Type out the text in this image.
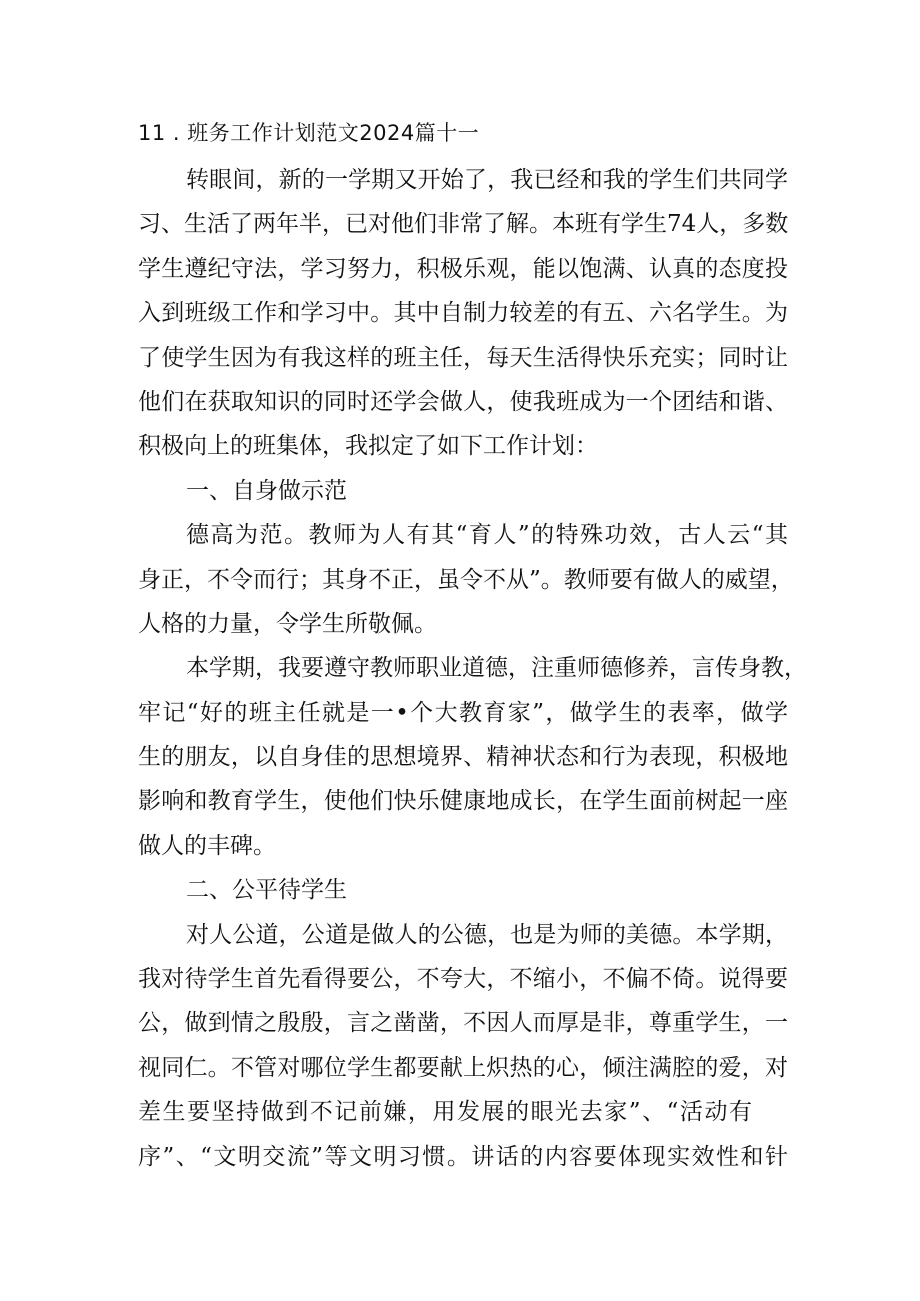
11 . 班务工作计划范文2024篇十一
转眼间，新的一学期又开始了，我已经和我的学生们共同学
习、生活了两年半，已对他们非常了解。本班有学生74人，多数
学生遵纪守法，学习努力，积极乐观，能以饱满、认真的态度投
入到班级工作和学习中。其中自制力较差的有五、六名学生。为
了使学生因为有我这样的班主任，每天生活得快乐充实；同时让
他们在获取知识的同时还学会做人，使我班成为一个团结和谐、
积极向上的班集体，我拟定了如下工作计划：
一、自身做示范
德高为范。教师为人有其“育人”的特殊功效，古人云“其
身正，不令而行；其身不正，虽令不从”。教师要有做人的威望，
人格的力量，令学生所敬佩。
本学期，我要遵守教师职业道德，注重师德修养，言传身教，
牢记“好的班主任就是一•个大教育家”，做学生的表率，做学
生的朋友，以自身佳的思想境界、精神状态和行为表现，积极地
影响和教育学生，使他们快乐健康地成长，在学生面前树起一座
做人的丰碑。
二、公平待学生
对人公道，公道是做人的公德，也是为师的美德。本学期，
我对待学生首先看得要公，不夸大，不缩小，不偏不倚。说得要
公，做到情之殷殷，言之凿凿，不因人而厚是非，尊重学生，一
视同仁。不管对哪位学生都要献上炽热的心，倾注满腔的爱，对
差生要坚持做到不记前嫌，用发展的眼光去家”、“活动有
序”、“文明交流”等文明习惯。讲话的内容要体现实效性和针
